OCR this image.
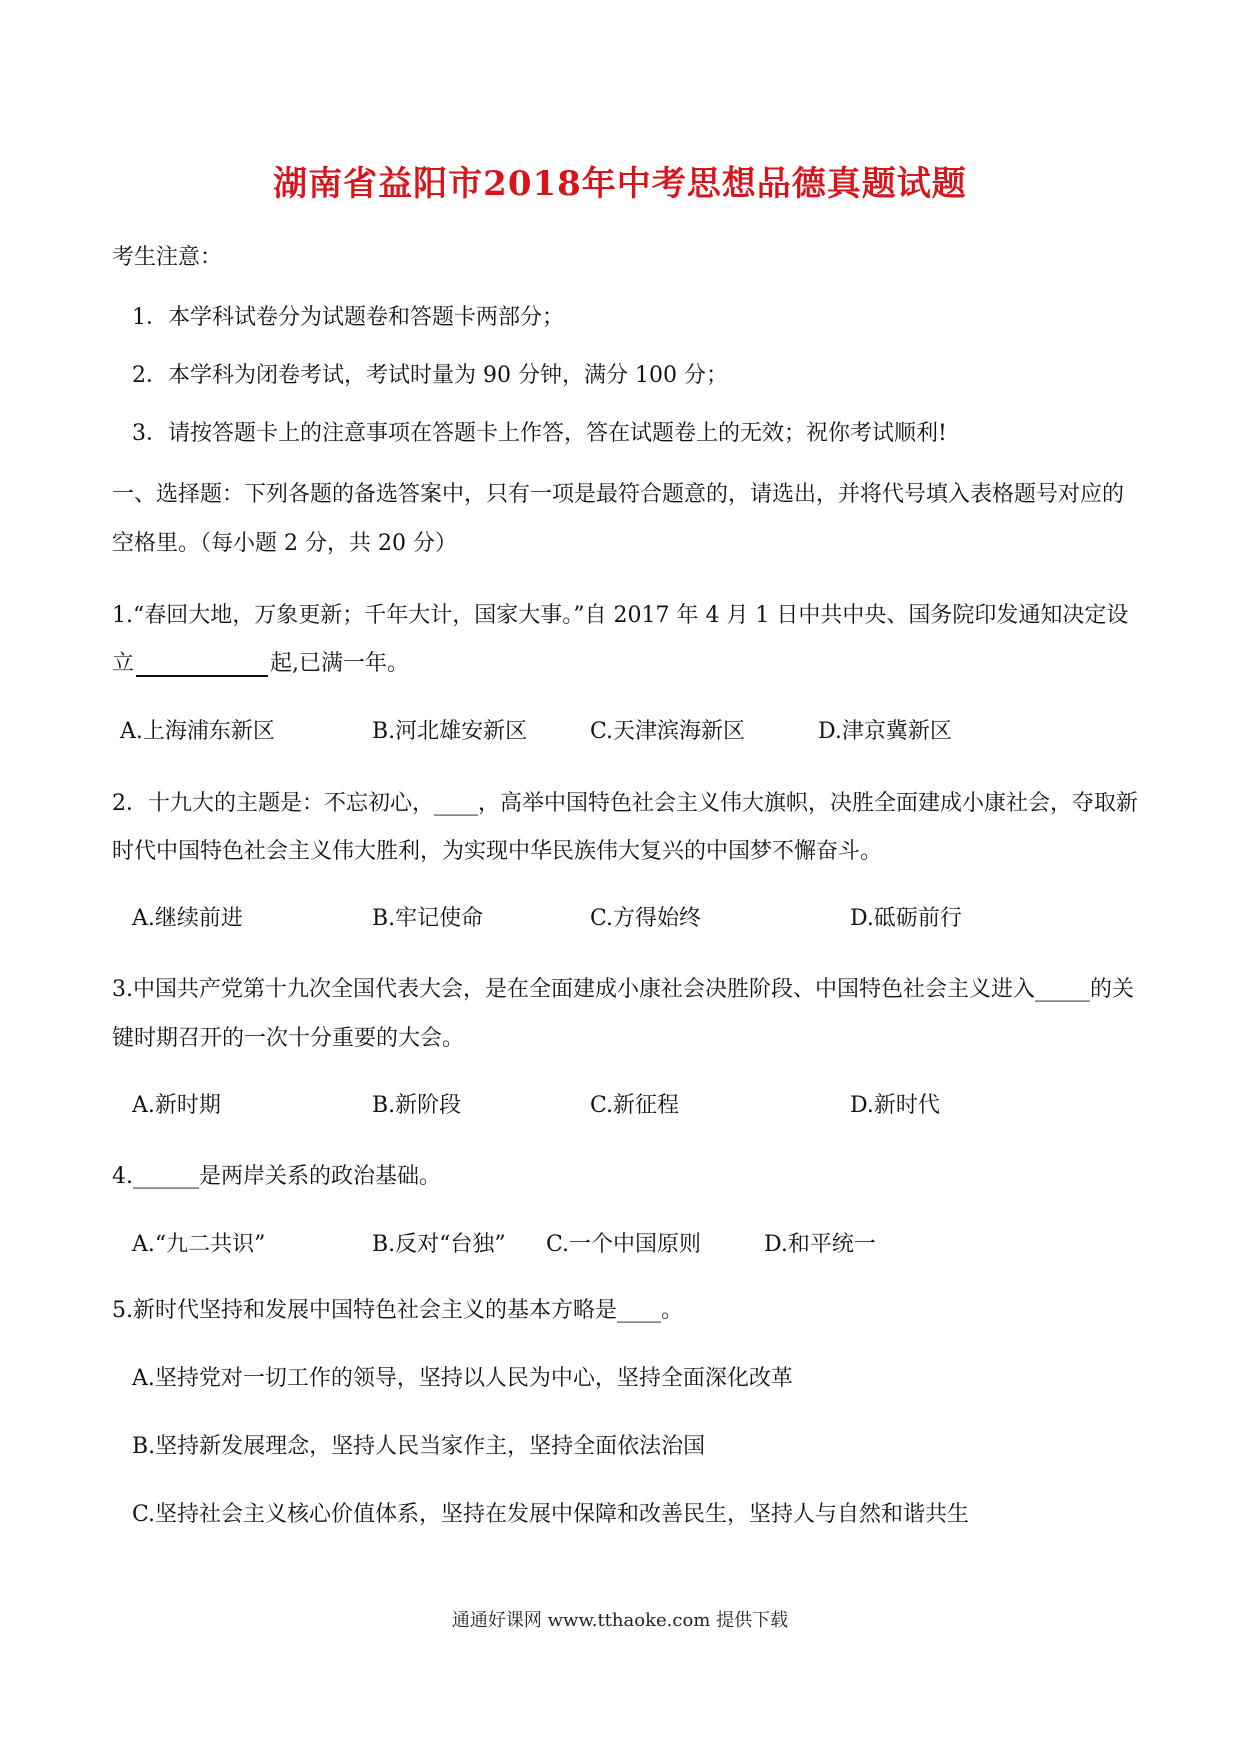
湖南省益阳市2018年中考思想品德真题试题
考生注意：
1．本学科试卷分为试题卷和答题卡两部分；
2．本学科为闭卷考试，考试时量为 90 分钟，满分 100 分；
3．请按答题卡上的注意事项在答题卡上作答，答在试题卷上的无效；祝你考试顺利!
一、选择题：下列各题的备选答案中，只有一项是最符合题意的，请选出，并将代号填入表格题号对应的
空格里。（每小题 2 分，共 20 分）
1.“春回大地，万象更新；千年大计，国家大事。”自 2017 年 4 月 1 日中共中央、国务院印发通知决定设
立	起,已满一年。
A.上海浦东新区	B.河北雄安新区	C.天津滨海新区	D.津京冀新区
2．十九大的主题是：不忘初心，____，高举中国特色社会主义伟大旗帜，决胜全面建成小康社会，夺取新
时代中国特色社会主义伟大胜利，为实现中华民族伟大复兴的中国梦不懈奋斗。
A.继续前进	B.牢记使命	C.方得始终	D.砥砺前行
3.中国共产党第十九次全国代表大会，是在全面建成小康社会决胜阶段、中国特色社会主义进入_____的关
键时期召开的一次十分重要的大会。
A.新时期	B.新阶段	C.新征程	D.新时代
4.______是两岸关系的政治基础。
A.“九二共识”	B.反对“台独” C.一个中国原则	D.和平统一
5.新时代坚持和发展中国特色社会主义的基本方略是____。
A.坚持党对一切工作的领导，坚持以人民为中心，坚持全面深化改革
B.坚持新发展理念，坚持人民当家作主，坚持全面依法治国
C.坚持社会主义核心价值体系，坚持在发展中保障和改善民生，坚持人与自然和谐共生
通通好课网 www.tthaoke.com 提供下载
